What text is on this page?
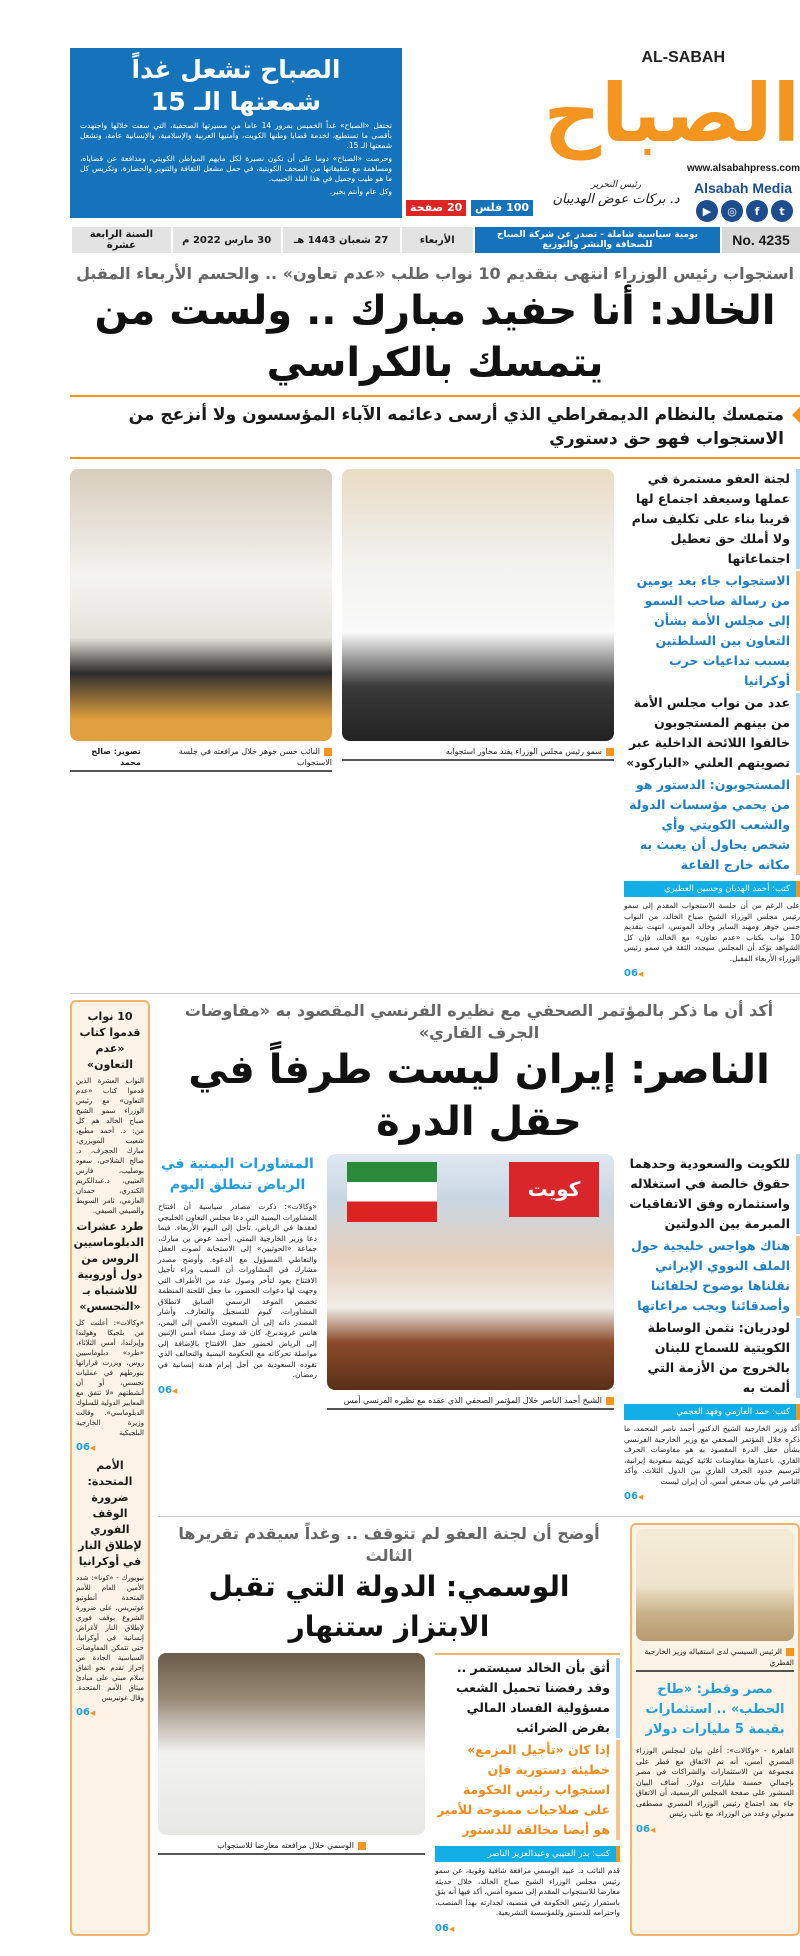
الصباح
AL-SABAH
www.alsabahpress.com
Alsabah Media
▶	◎	f	t
رئيس التحرير
د. بركات عوض الهديبان
100 فلس
20 صفحة
الصباح تشعل غداً
شمعتها الـ 15

تحتفل «الصباح» غداً الخميس بمرور 14 عاما من مسيرتها الصحفية، التي سعت خلالها واجتهدت بأقصى ما تستطيع، لخدمة قضايا وطنها الكويت، وأمتيها العربية والإسلامية، والإنسانية عامة، وتشعل شمعتها الـ 15.

وحرصت «الصباح» دوما على أن تكون نصيرة لكل مايهم المواطن الكويتي، ومدافعة عن قضاياه، ومساهمة مع شقيقاتها من الصحف الكويتية، في حمل مشعل الثقافة والتنوير والحضارة، وتكريس كل ما هو طيب وجميل في هذا البلد الحبيب.

وكل عام وأنتم بخير.

No. 4235
يومية سياسية شاملة - تصدر عن شركة الصباح للصحافة والنشر والتوزيع
الأربعاء
27 شعبان 1443 هـ
30 مارس 2022 م
السنة الرابعة عشرة
استجواب رئيس الوزراء انتهى بتقديم 10 نواب طلب «عدم تعاون» .. والحسم الأربعاء المقبل
الخالد: أنا حفيد مبارك .. ولست من يتمسك بالكراسي
متمسك بالنظام الديمقراطي الذي أرسى دعائمه الآباء المؤسسون ولا أنزعج من الاستجواب فهو حق دستوري
لجنة العفو مستمرة في عملها وسيعقد اجتماع لها قريبا بناء على تكليف سام ولا أملك حق تعطيل اجتماعاتها
الاستجواب جاء بعد يومين من رسالة صاحب السمو إلى مجلس الأمة بشأن التعاون بين السلطتين بسبب تداعيات حرب أوكرانيا
عدد من نواب مجلس الأمة من بينهم المستجوبون خالفوا اللائحة الداخلية عبر تصويتهم العلني «الباركود»
المستجوبون: الدستور هو من يحمي مؤسسات الدولة والشعب الكويتي وأي شخص يحاول أن يعبث به مكانه خارج القاعة
كتب: أحمد الهديان وحسين العطيري
على الرغم من أن جلسة الاستجواب المقدم إلى سمو رئيس مجلس الوزراء الشيخ صباح الخالد، من النواب حسن جوهر ومهند الساير وخالد المونس، انتهت بتقديم 10 نواب بكتاب «عدم تعاون» مع الخالد، فإن كل الشواهد تؤكد أن المجلس سيجدد الثقة في سمو رئيس الوزراء الأربعاء المقبل.
06 ◀
سمو رئيس مجلس الوزراء يفند محاور استجوابه
النائب حسن جوهر خلال مرافعته في جلسة الاستجواب
تصوير: صالح محمد
أكد أن ما ذكر بالمؤتمر الصحفي مع نظيره الفرنسي المقصود به «مفاوضات الجرف القاري»
الناصر: إيران ليست طرفاً في حقل الدرة
للكويت والسعودية وحدهما حقوق خالصة في استغلاله واستثماره وفق الاتفاقيات المبرمة بين الدولتين
هناك هواجس خليجية حول الملف النووي الإيراني نقلناها بوضوح لحلفائنا وأصدقائنا ويجب مراعاتها
لودريان: نثمن الوساطة الكويتية للسماح للبنان بالخروج من الأزمة التي ألمت به
كتب: حمد العازمي وفهد العجمي
أكد وزير الخارجية الشيخ الدكتور أحمد ناصر المحمد، ما ذكره خلال المؤتمر الصحفي مع وزير الخارجية الفرنسي بشأن حقل الدرة المقصود به هو مفاوضات الجرف القاري، باعتبارها مفاوضات ثلاثية كويتية سعودية إيرانية، لترسيم حدود الجرف القاري بين الدول الثلاث. وأكد الناصر في بيان صحفي أمس، أن إيران ليست
06 ◀
كويت
الشيخ أحمد الناصر خلال المؤتمر الصحفي الذي عقده مع نظيره الفرنسي أمس
المشاورات اليمنية في الرياض تنطلق اليوم
«وكالات»: ذكرت مصادر سياسية أن افتتاح المشاورات اليمنية التي دعا مجلس التعاون الخليجي لعقدها في الرياض، تأجل إلى اليوم الأربعاء. فيما دعا وزير الخارجية اليمني، أحمد عوض بن مبارك، جماعة «الحوثيين» إلى الاستجابة لصوت العقل والتعاطي المسؤول مع الدعوة. وأوضح مصدر مشارك في المشاورات أن السبب وراء تأجيل الافتتاح يعود لتأخر وصول عدد من الأطراف التي وجهت لها دعوات الحضور، ما جعل اللجنة المنظمة تخصص الموعد الرسمي السابق لانطلاق المشاورات، كيوم للتسجيل والتعارف. وأشار المصدر ذاته إلى أن المبعوث الأممي إلى اليمن، هانس غروندبرغ، كان قد وصل مساء أمس الإثنين إلى الرياض لحضور حفل الافتتاح بالإضافة إلى مواصلة تحركاته مع الحكومة اليمنية والتحالف الذي تقوده السعودية من أجل إبرام هدنة إنسانية في رمضان.
06 ◀
الرئيس السيسي لدى استقباله وزير الخارجية القطري
مصر وقطر: «طاح الحطب» .. استثمارات بقيمة 5 مليارات دولار
القاهرة - «وكالات»: أعلن بيان لمجلس الوزراء المصري أمس، أنه تم الاتفاق مع قطر على مجموعة من الاستثمارات والشراكات في مصر بإجمالي خمسة مليارات دولار. أضاف البيان المنشور على صفحة المجلس الرسمية، أن الاتفاق جاء بعد اجتماع رئيس الوزراء المصري مصطفى مدبولي وعدد من الوزراء، مع نائب رئيس
06 ◀
أوضح أن لجنة العفو لم تتوقف .. وغداً سيقدم تقريرها الثالث
الوسمي: الدولة التي تقبل الابتزاز ستنهار
أثق بأن الخالد سيستمر .. وقد رفضنا تحميل الشعب مسؤولية الفساد المالي بفرض الضرائب
إذا كان «تأجيل المزمع» خطيئة دستورية فإن استجواب رئيس الحكومة على صلاحيات ممنوحة للأمير هو أيضا مخالفة للدستور
كتب: بدر العتيبي وعبدالعزيز الناصر
قدم النائب د. عبيد الوسمي مرافعة شافية وقوية، عن سمو رئيس مجلس الوزراء الشيخ صباح الخالد، خلال حديثه معارضا للاستجواب المقدم إلى سموه أمس، أكد فيها أنه يثق باستمرار رئيس الحكومة في منصبه، لجدارته بهذا المنصب، واحترامه للدستور وللمؤسسة التشريعية.
06 ◀
الوسمي خلال مرافعته معارضا للاستجواب
10 نواب قدموا كتاب «عدم التعاون»
النواب العشرة الذين قدموا كتاب «عدم التعاون» مع رئيس الوزراء سمو الشيخ صباح الخالد هم كل من: د. أحمد مطيع، شعيب المويزري، مبارك الحجرف، د. صالح الشلاحي، سعود بوصليب، فارس العتيبي، د.عبدالكريم الكندري، حمدان العازمي، ثامر السويط والصيفي الصيفي.
طرد عشرات الدبلوماسيين الروس من دول أوروبية للاشتباه بـ «التجسس»
«وكالات»: أعلنت كل من بلجيكا وهولندا وإيرلندا، أمس الثلاثاء، «طرد» دبلوماسيين روس، وبررت قراراتها بتورطهم في عمليات تجسس، أو أن أنشطتهم «لا تتفق مع المعايير الدولية للسلوك الدبلوماسي». وقالت وزيرة الخارجية البلجيكية
06 ◀
الأمم المتحدة: ضرورة الوقف الفوري لإطلاق النار في أوكرانيا
نيويورك - «كونا»: شدد الأمين العام للأمم المتحدة أنطونيو غوتيريس، على ضرورة الشروع بوقف فوري لإطلاق النار لأغراض إنسانية في أوكرانيا، حتى تتمكن المفاوضات السياسية الجادة من إحراز تقدم نحو اتفاق سلام مبني على مبادئ ميثاق الأمم المتحدة. وقال غوتيريس
06 ◀
